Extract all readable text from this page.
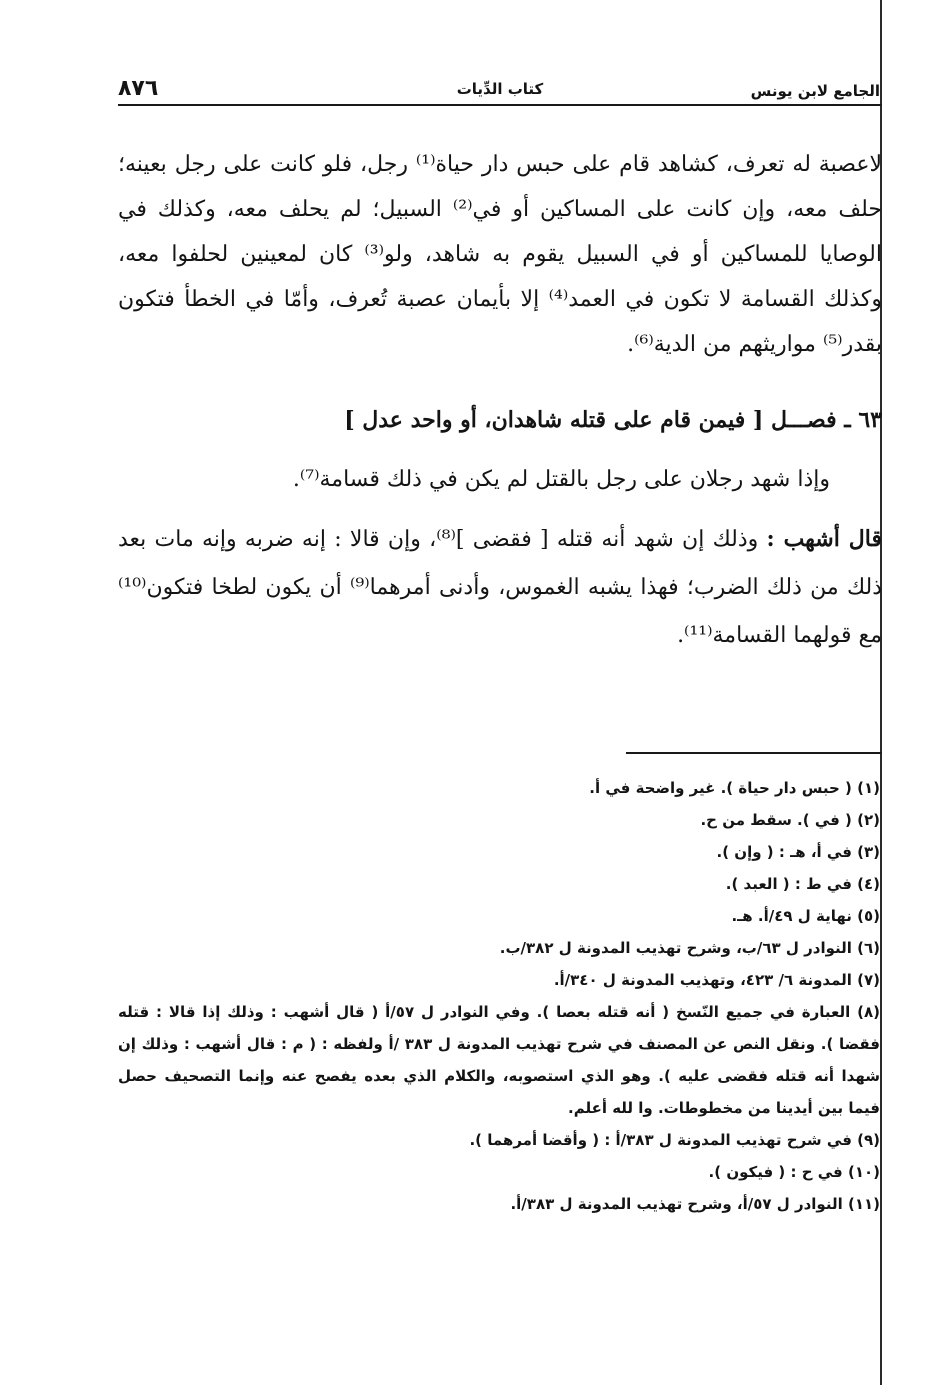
٨٧٦	كتاب الدِّيات	الجامع لابن يونس

لاعصبة له تعرف، كشاهد قام على حبس دار حياة⁽¹⁾ رجل، فلو كانت على رجل بعينه؛ حلف معه، وإن كانت على المساكين أو في⁽²⁾ السبيل؛ لم يحلف معه، وكذلك في الوصايا للمساكين أو في السبيل يقوم به شاهد، ولو⁽³⁾ كان لمعينين لحلفوا معه، وكذلك القسامة لا تكون في العمد⁽⁴⁾ إلا بأيمان عصبة تُعرف، وأمّا في الخطأ فتكون بقدر⁽⁵⁾ مواريثهم من الدية⁽⁶⁾.

٦٣ ـ فصـــل [ فيمن قام على قتله شاهدان، أو واحد عدل ]

وإذا شهد رجلان على رجل بالقتل لم يكن في ذلك قسامة⁽⁷⁾.

قال أشهب : وذلك إن شهد أنه قتله [ فقضى ]⁽⁸⁾، وإن قالا : إنه ضربه وإنه مات بعد ذلك من ذلك الضرب؛ فهذا يشبه الغموس، وأدنى أمرهما⁽⁹⁾ أن يكون لطخا فتكون⁽¹⁰⁾ مع قولهما القسامة⁽¹¹⁾.

(١) ( حبس دار حياة ). غير واضحة في أ.
(٢) ( في ). سقط من ح.
(٣) في أ، هـ : ( وإن ).
(٤) في ط : ( العبد ).
(٥) نهاية ل ٤٩/أ. هـ.
(٦) النوادر ل ٦٣/ب، وشرح تهذيب المدونة ل ٣٨٢/ب.
(٧) المدونة ٦/ ٤٢٣، وتهذيب المدونة ل ٣٤٠/أ.
(٨) العبارة في جميع النّسخ ( أنه قتله بعصا ). وفي النوادر ل ٥٧/أ ( قال أشهب : وذلك إذا قالا : قتله فقضا ). ونقل النص عن المصنف في شرح تهذيب المدونة ل ٣٨٣ /أ ولفظه : ( م : قال أشهب : وذلك إن شهدا أنه قتله فقضى عليه ). وهو الذي استصوبه، والكلام الذي بعده يفصح عنه وإنما التصحيف حصل فيما بين أيدينا من مخطوطات. وا لله أعلم.
(٩) في شرح تهذيب المدونة ل ٣٨٣/أ : ( وأقضا أمرهما ).
(١٠) في ح : ( فيكون ).
(١١) النوادر ل ٥٧/أ، وشرح تهذيب المدونة ل ٣٨٣/أ.
